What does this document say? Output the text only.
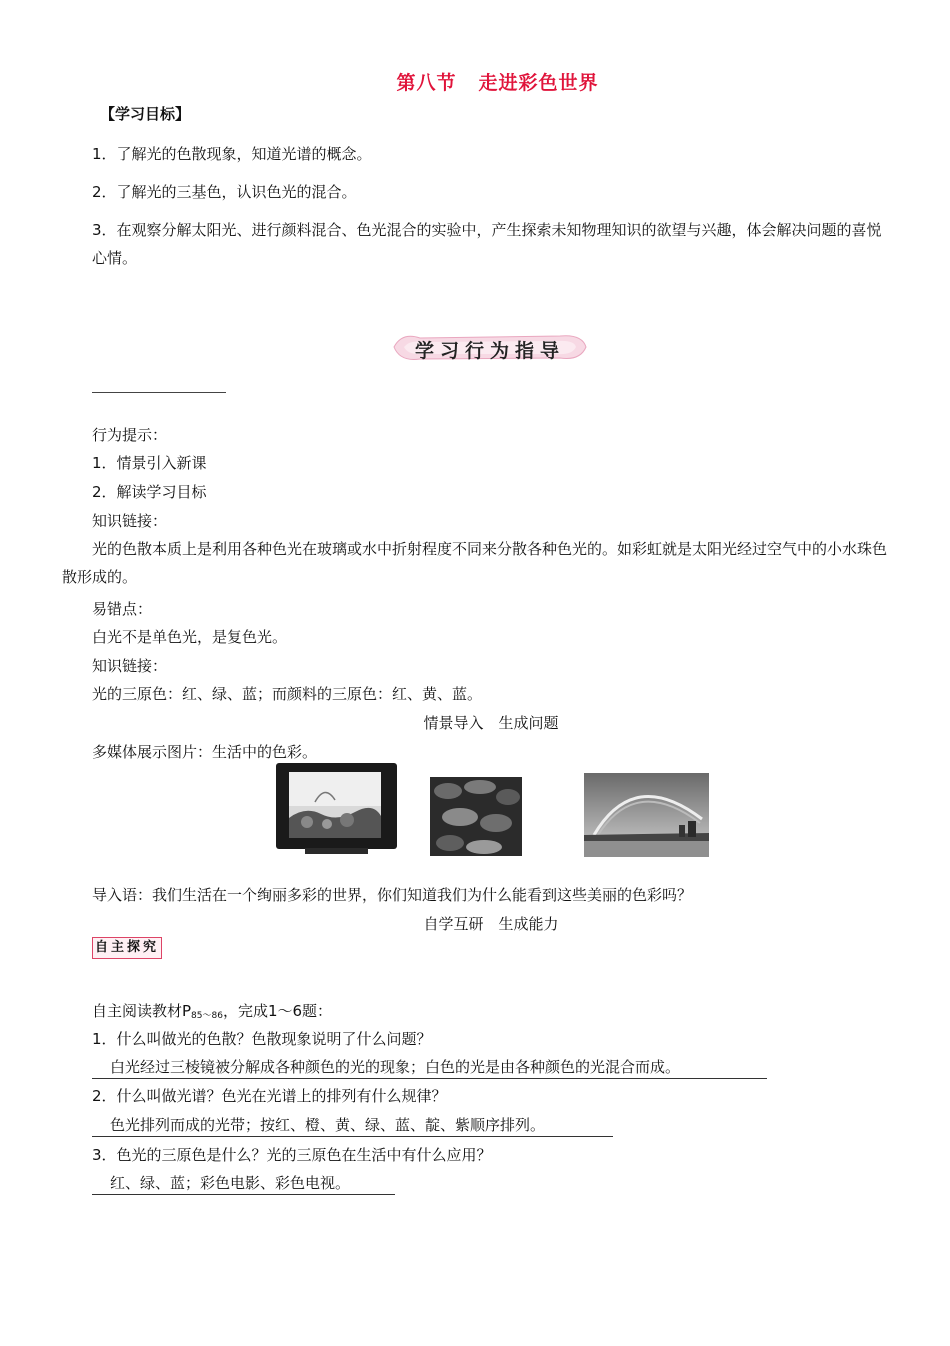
第八节 走进彩色世界
【学习目标】
1．了解光的色散现象，知道光谱的概念。
2．了解光的三基色，认识色光的混合。
3．在观察分解太阳光、进行颜料混合、色光混合的实验中，产生探索未知物理知识的欲望与兴趣，体会解决问题的喜悦心情。
学习行为指导
行为提示：
1．情景引入新课
2．解读学习目标
知识链接：
光的色散本质上是利用各种色光在玻璃或水中折射程度不同来分散各种色光的。如彩虹就是太阳光经过空气中的小水珠色散形成的。
易错点：
白光不是单色光，是复色光。
知识链接：
光的三原色：红、绿、蓝；而颜料的三原色：红、黄、蓝。
情景导入　生成问题
多媒体展示图片：生活中的色彩。
导入语：我们生活在一个绚丽多彩的世界，你们知道我们为什么能看到这些美丽的色彩吗？
自学互研　生成能力
自主探究
自主阅读教材$P_{85\sim 86}$，完成1～6题：
1．什么叫做光的色散？色散现象说明了什么问题？
白光经过三棱镜被分解成各种颜色的光的现象；白色的光是由各种颜色的光混合而成。
2．什么叫做光谱？色光在光谱上的排列有什么规律？
色光排列而成的光带；按红、橙、黄、绿、蓝、靛、紫顺序排列。
3．色光的三原色是什么？光的三原色在生活中有什么应用？
红、绿、蓝；彩色电影、彩色电视。
